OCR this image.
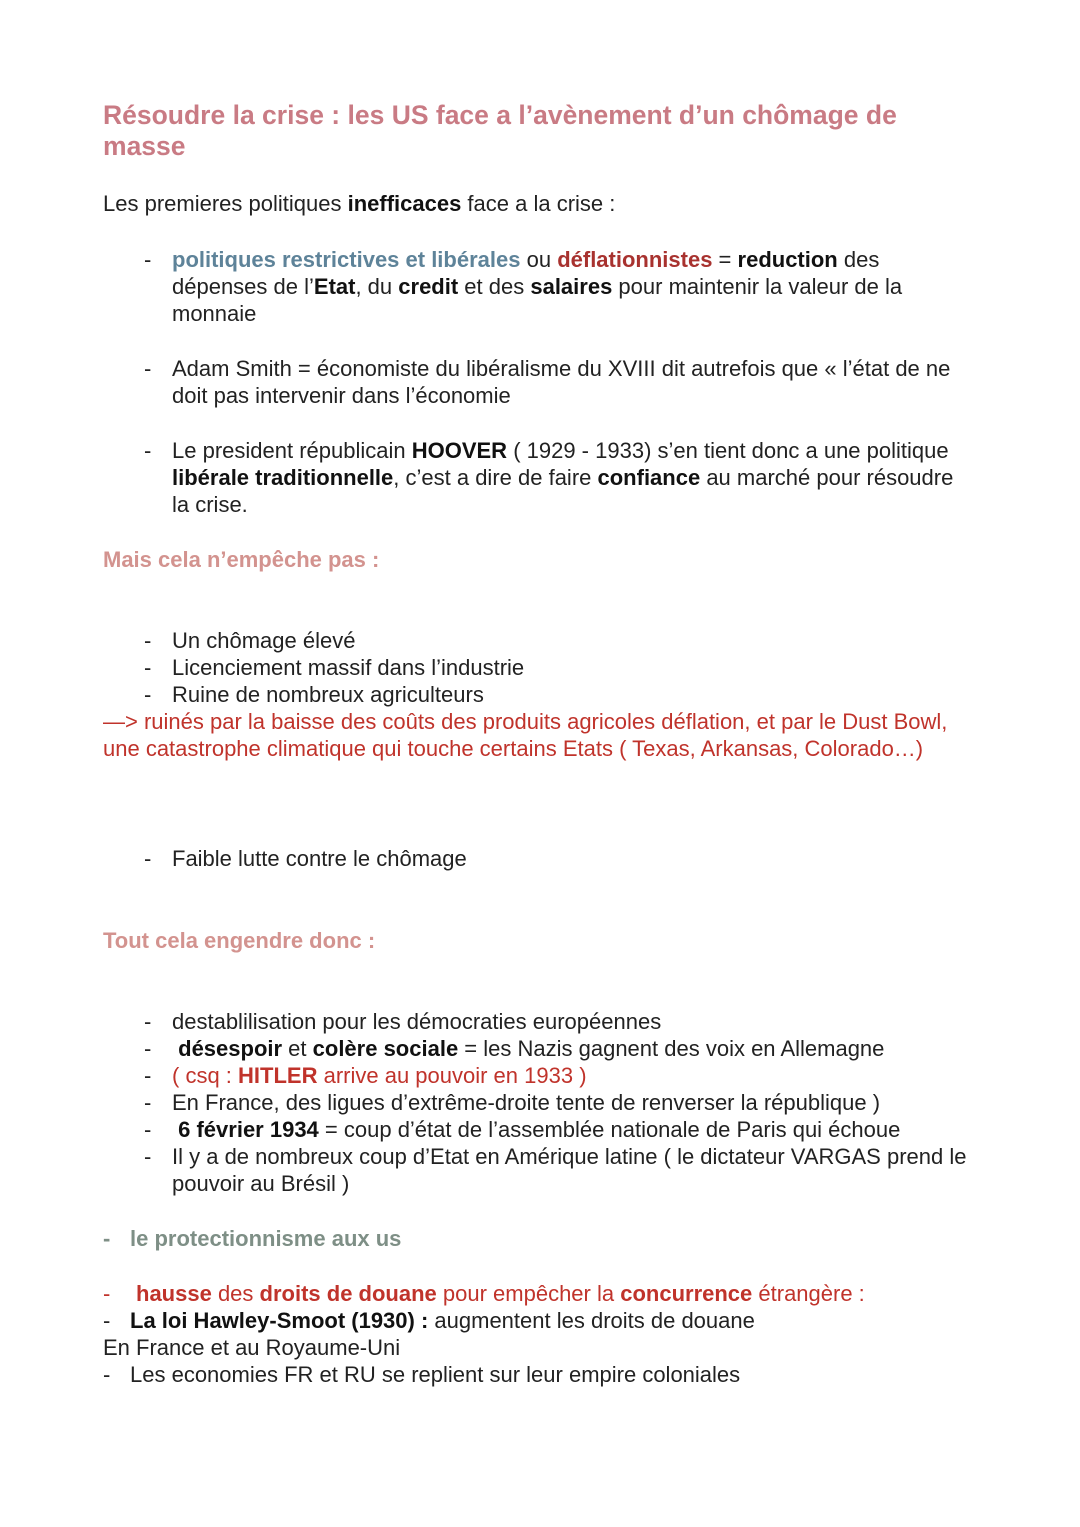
Résoudre la crise : les US face a l’avènement d’un chômage de masse

Les premieres politiques inefficaces face a la crise :

- politiques restrictives et libérales ou déflationnistes = reduction des dépenses de l’Etat, du credit et des salaires pour maintenir la valeur de la monnaie
- Adam Smith = économiste du libéralisme du XVIII dit autrefois que « l’état de ne doit pas intervenir dans l’économie
- Le president républicain HOOVER ( 1929 - 1933) s’en tient donc a une politique libérale traditionnelle, c’est a dire de faire confiance au marché pour résoudre la crise.
Mais cela n’empêche pas :
- Un chômage élevé
- Licenciement massif dans l’industrie
- Ruine de nombreux agriculteurs

—> ruinés par la baisse des coûts des produits agricoles déflation, et par le Dust Bowl, une catastrophe climatique qui touche certains Etats ( Texas, Arkansas, Colorado…)

- Faible lutte contre le chômage
Tout cela engendre donc :
- destablilisation pour les démocraties européennes
- désespoir et colère sociale = les Nazis gagnent des voix en Allemagne
- ( csq : HITLER arrive au pouvoir en 1933 )
- En France, des ligues d’extrême-droite tente de renverser la république )
- 6 février 1934 = coup d’état de l’assemblée nationale de Paris qui échoue
- Il y a de nombreux coup d’Etat en Amérique latine ( le dictateur VARGAS prend le pouvoir au Brésil )
- le protectionnisme aux us
- hausse des droits de douane pour empêcher la concurrence étrangère :
- La loi Hawley-Smoot (1930) : augmentent les droits de douane

En France et au Royaume-Uni

- Les economies FR et RU se replient sur leur empire coloniales
